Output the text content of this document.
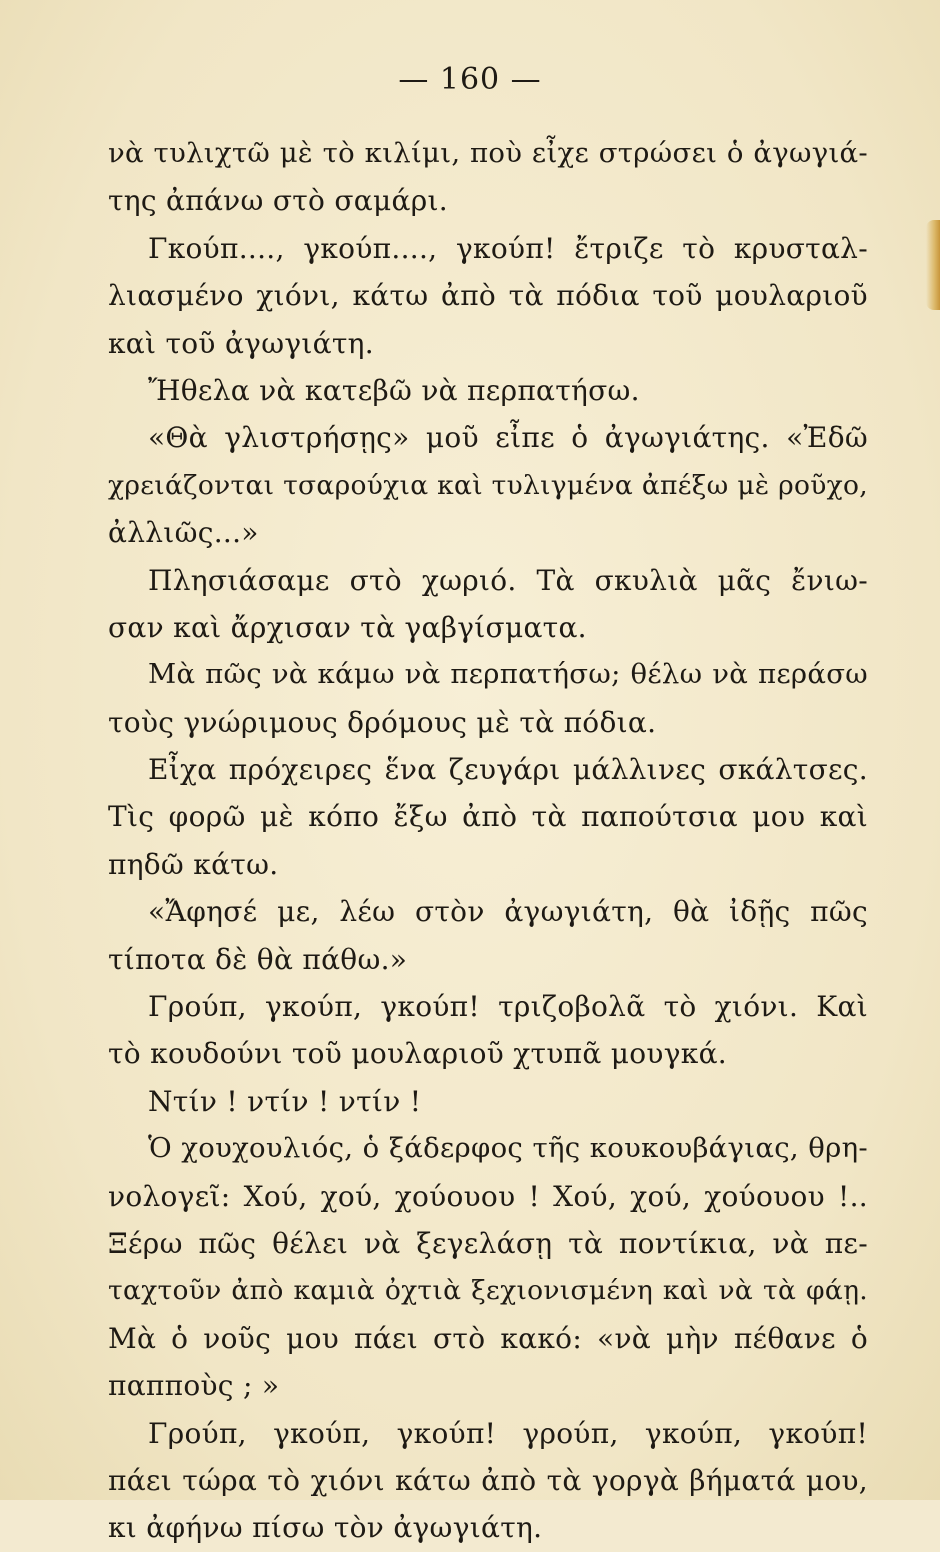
— 160 —
νὰ τυλιχτῶ μὲ τὸ κιλίμι, ποὺ εἶχε στρώσει ὁ ἀγωγιά-
της ἀπάνω στὸ σαμάρι.
Γκούπ...., γκούπ...., γκούπ! ἔτριζε τὸ κρυσταλ-
λιασμένο χιόνι, κάτω ἀπὸ τὰ πόδια τοῦ μουλαριοῦ
καὶ τοῦ ἀγωγιάτη.
Ἤθελα νὰ κατεβῶ νὰ περπατήσω.
«Θὰ γλιστρήσῃς» μοῦ εἶπε ὁ ἀγωγιάτης. «Ἐδῶ
χρειάζονται τσαρούχια καὶ τυλιγμένα ἀπέξω μὲ ροῦχο,
ἀλλιῶς...»
Πλησιάσαμε στὸ χωριό. Τὰ σκυλιὰ μᾶς ἔνιω-
σαν καὶ ἄρχισαν τὰ γαβγίσματα.
Μὰ πῶς νὰ κάμω νὰ περπατήσω; θέλω νὰ περάσω
τοὺς γνώριμους δρόμους μὲ τὰ πόδια.
Εἶχα πρόχειρες ἕνα ζευγάρι μάλλινες σκάλτσες.
Τὶς φορῶ μὲ κόπο ἔξω ἀπὸ τὰ παπούτσια μου καὶ
πηδῶ κάτω.
«Ἄφησέ με, λέω στὸν ἀγωγιάτη, θὰ ἰδῇς πῶς
τίποτα δὲ θὰ πάθω.»
Γρούπ, γκούπ, γκούπ! τριζοβολᾶ τὸ χιόνι. Καὶ
τὸ κουδούνι τοῦ μουλαριοῦ χτυπᾶ μουγκά.
Ντίν ! ντίν ! ντίν !
Ὁ χουχουλιός, ὁ ξάδερφος τῆς κουκουβάγιας, θρη-
νολογεῖ: Χού, χού, χούουου ! Χού, χού, χούουου !..
Ξέρω πῶς θέλει νὰ ξεγελάσῃ τὰ ποντίκια, νὰ πε-
ταχτοῦν ἀπὸ καμιὰ ὀχτιὰ ξεχιονισμένη καὶ νὰ τὰ φάῃ.
Μὰ ὁ νοῦς μου πάει στὸ κακό: «νὰ μὴν πέθανε ὁ
παπποὺς ; »
Γρούπ, γκούπ, γκούπ! γρούπ, γκούπ, γκούπ!
πάει τώρα τὸ χιόνι κάτω ἀπὸ τὰ γοργὰ βήματά μου,
κι ἀφήνω πίσω τὸν ἀγωγιάτη.
